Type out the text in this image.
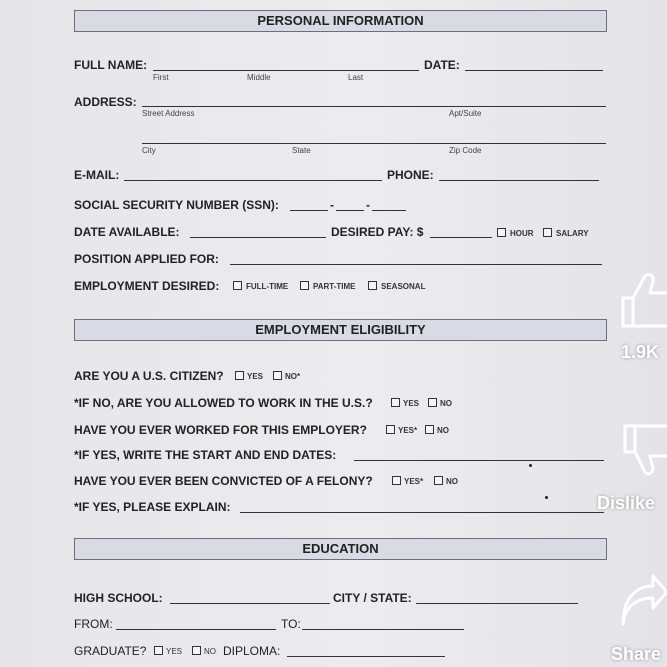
PERSONAL INFORMATION
FULL NAME:
First	Middle	Last
DATE:
ADDRESS:
Street Address	Apt/Suite
City	State	Zip Code
E-MAIL:	PHONE:
SOCIAL SECURITY NUMBER (SSN):	-	-
DATE AVAILABLE:	DESIRED PAY: $	HOUR	SALARY
POSITION APPLIED FOR:
EMPLOYMENT DESIRED:	FULL-TIME	PART-TIME	SEASONAL
EMPLOYMENT ELIGIBILITY
ARE YOU A U.S. CITIZEN?	YES	NO*
*IF NO, ARE YOU ALLOWED TO WORK IN THE U.S.?	YES	NO
HAVE YOU EVER WORKED FOR THIS EMPLOYER?	YES* NO
*IF YES, WRITE THE START AND END DATES:
HAVE YOU EVER BEEN CONVICTED OF A FELONY?	YES*	NO
*IF YES, PLEASE EXPLAIN:
EDUCATION
HIGH SCHOOL:	CITY / STATE:
FROM:	TO:
GRADUATE? YES	NO DIPLOMA:
1.9K
Dislike
Share
